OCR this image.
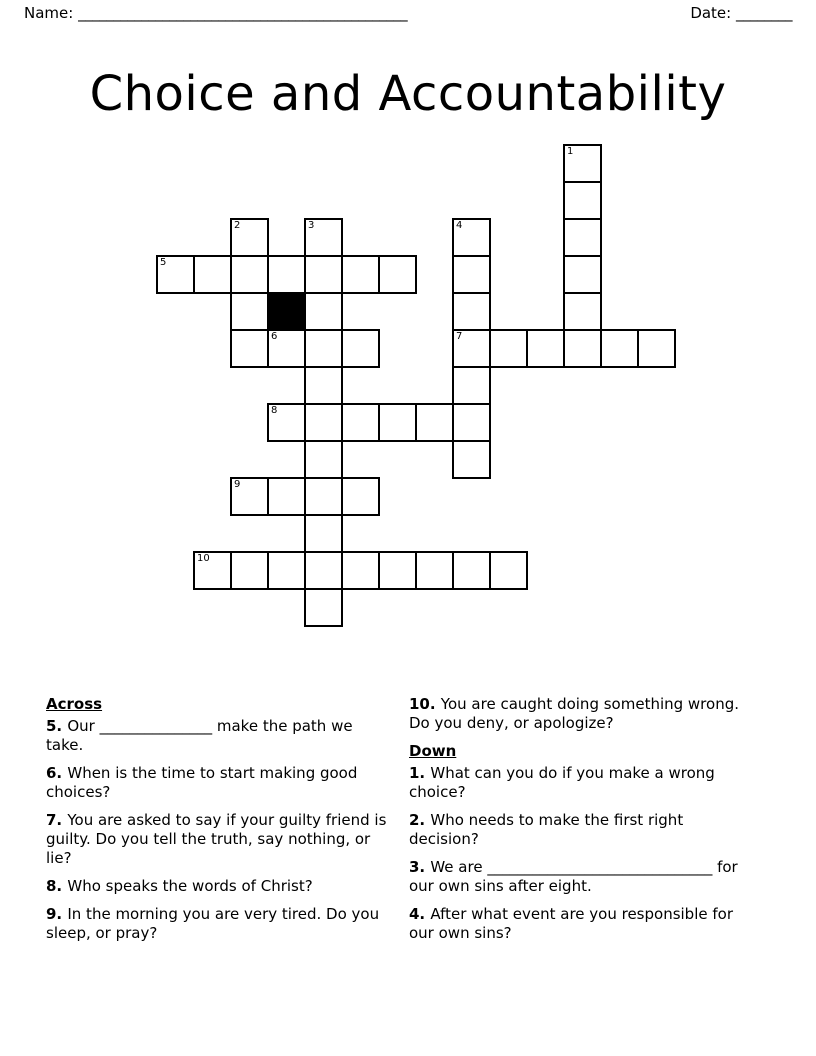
Name: _______________________________________________	Date: ________
Choice and Accountability
1
2	3	4
5
6	7
8
9
10
Across
5. Our _______________ make the path we take.
6. When is the time to start making good choices?
7. You are asked to say if your guilty friend is guilty. Do you tell the truth, say nothing, or lie?
8. Who speaks the words of Christ?
9. In the morning you are very tired. Do you sleep, or pray?
10. You are caught doing something wrong. Do you deny, or apologize?
Down
1. What can you do if you make a wrong choice?
2. Who needs to make the first right decision?
3. We are ______________________________ for our own sins after eight.
4. After what event are you responsible for our own sins?
